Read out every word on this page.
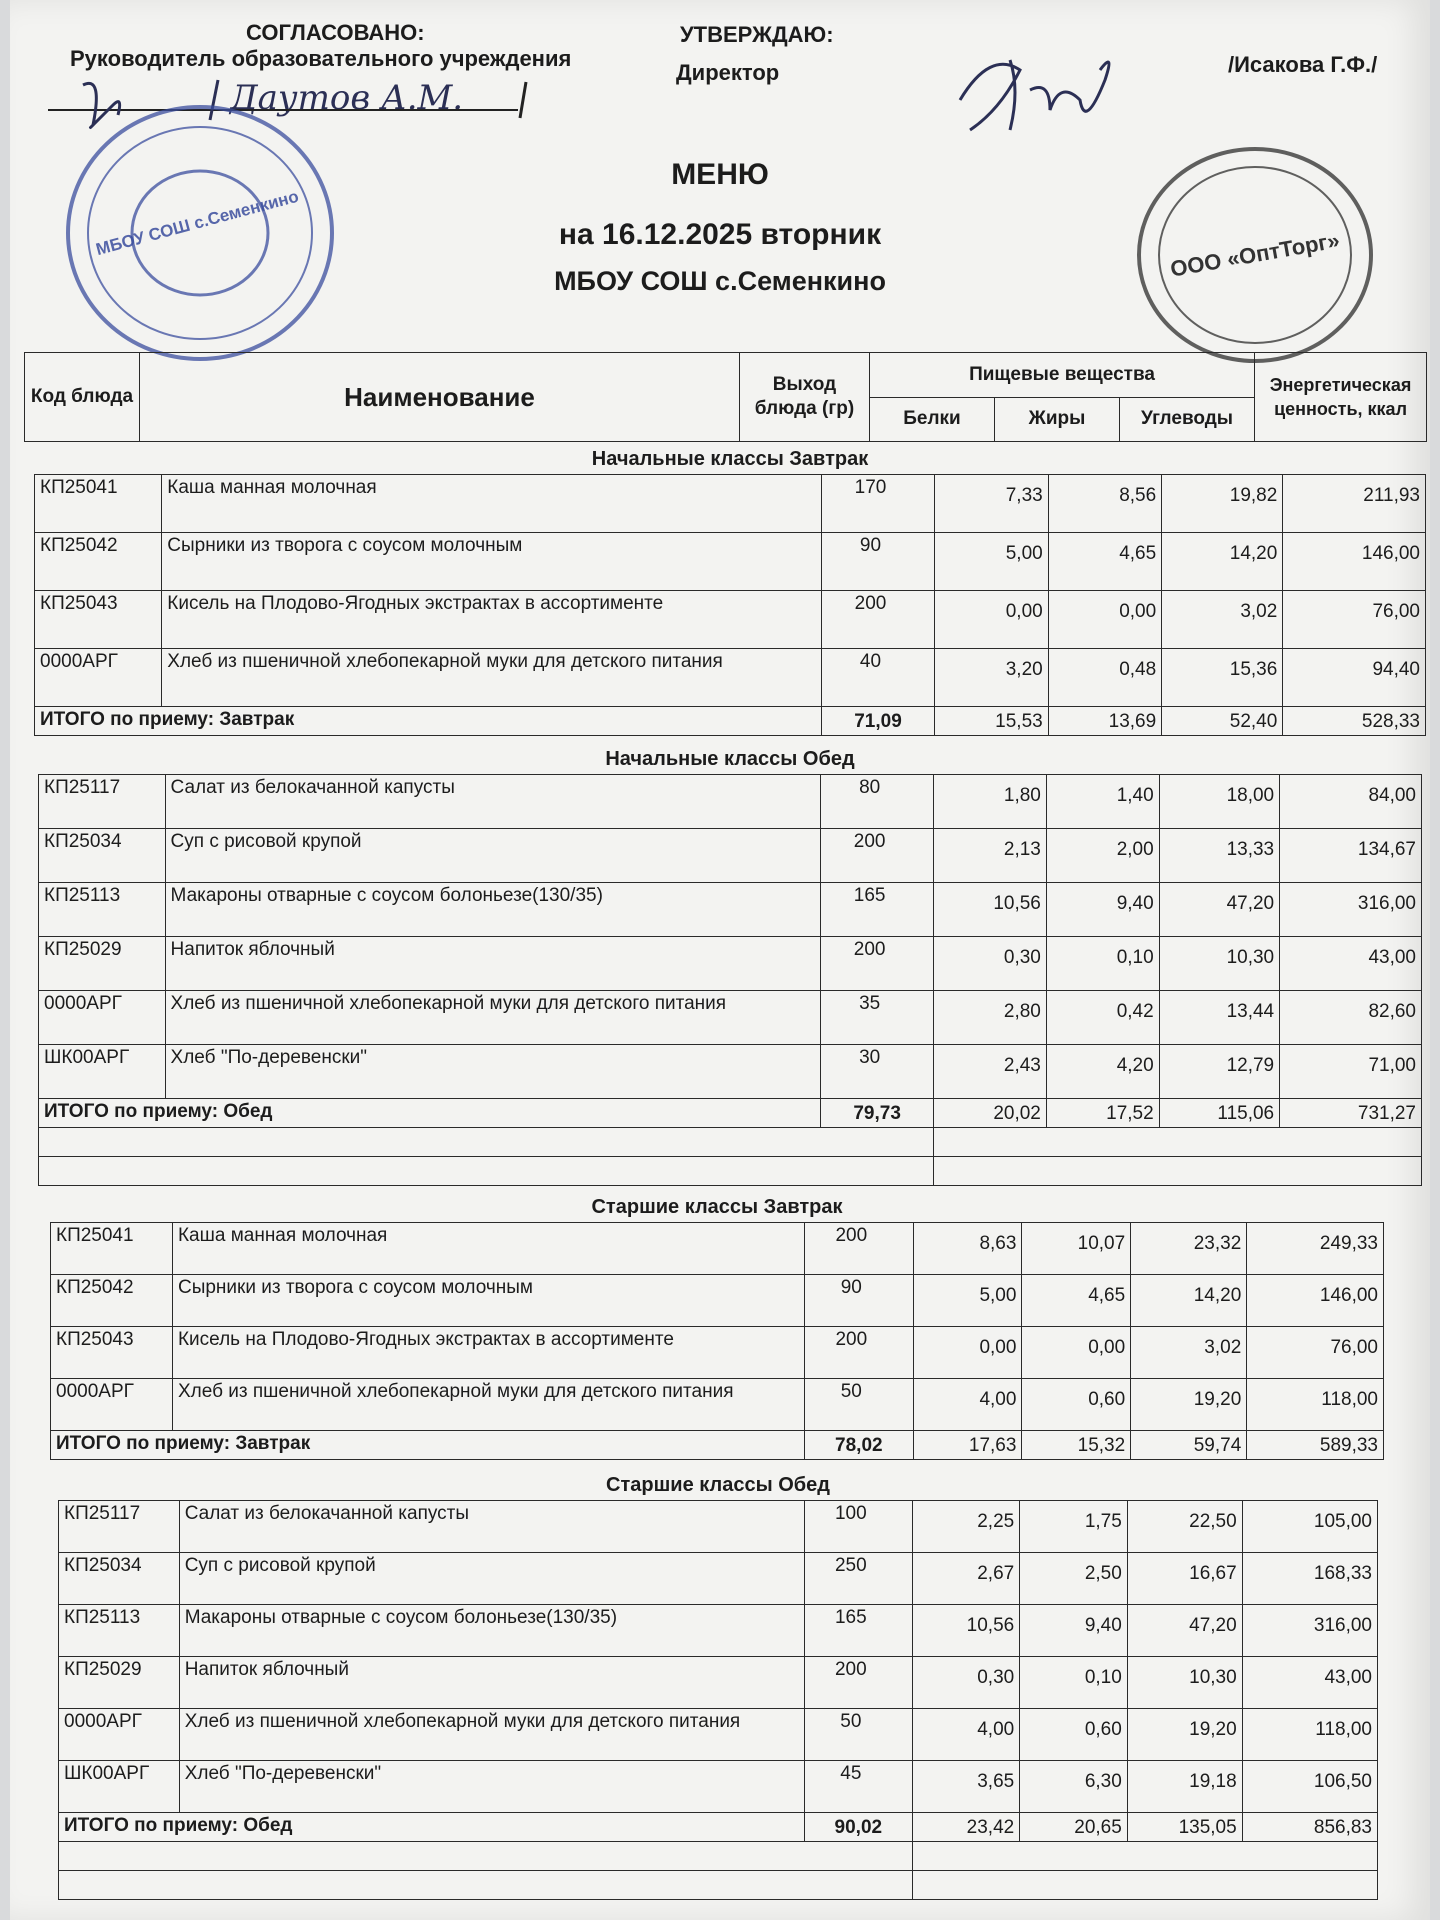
СОГЛАСОВАНО:
Руководитель образовательного учреждения
Даутов А.М.
УТВЕРЖДАЮ:
Директор	/Исакова Г.Ф./
МБОУ СОШ с.Семенкино	ООО «ОптТорг»
МЕНЮ
на 16.12.2025 вторник
МБОУ СОШ с.Семенкино
Код блюда	Наименование	Выход блюда (гр)	Пищевые вещества			Энергетическая ценность, ккал
			Белки	Жиры	Углеводы	
Начальные классы Завтрак
КП25041	Каша манная молочная	170	7,33	8,56	19,82	211,93
КП25042	Сырники из творога с соусом молочным	90	5,00	4,65	14,20	146,00
КП25043	Кисель на Плодово-Ягодных экстрактах в ассортименте	200	0,00	0,00	3,02	76,00
0000АРГ	Хлеб из пшеничной хлебопекарной муки для детского питания	40	3,20	0,48	15,36	94,40
ИТОГО по приему: Завтрак		71,09	15,53	13,69	52,40	528,33
Начальные классы Обед
КП25117	Салат из белокачанной капусты	80	1,80	1,40	18,00	84,00
КП25034	Суп с рисовой крупой	200	2,13	2,00	13,33	134,67
КП25113	Макароны отварные с соусом болоньезе(130/35)	165	10,56	9,40	47,20	316,00
КП25029	Напиток яблочный	200	0,30	0,10	10,30	43,00
0000АРГ	Хлеб из пшеничной хлебопекарной муки для детского питания	35	2,80	0,42	13,44	82,60
ШК00АРГ	Хлеб "По-деревенски"	30	2,43	4,20	12,79	71,00
ИТОГО по приему: Обед		79,73	20,02	17,52	115,06	731,27

Старшие классы Завтрак
КП25041	Каша манная молочная	200	8,63	10,07	23,32	249,33
КП25042	Сырники из творога с соусом молочным	90	5,00	4,65	14,20	146,00
КП25043	Кисель на Плодово-Ягодных экстрактах в ассортименте	200	0,00	0,00	3,02	76,00
0000АРГ	Хлеб из пшеничной хлебопекарной муки для детского питания	50	4,00	0,60	19,20	118,00
ИТОГО по приему: Завтрак		78,02	17,63	15,32	59,74	589,33
Старшие классы Обед
КП25117	Салат из белокачанной капусты	100	2,25	1,75	22,50	105,00
КП25034	Суп с рисовой крупой	250	2,67	2,50	16,67	168,33
КП25113	Макароны отварные с соусом болоньезе(130/35)	165	10,56	9,40	47,20	316,00
КП25029	Напиток яблочный	200	0,30	0,10	10,30	43,00
0000АРГ	Хлеб из пшеничной хлебопекарной муки для детского питания	50	4,00	0,60	19,20	118,00
ШК00АРГ	Хлеб "По-деревенски"	45	3,65	6,30	19,18	106,50
ИТОГО по приему: Обед		90,02	23,42	20,65	135,05	856,83
